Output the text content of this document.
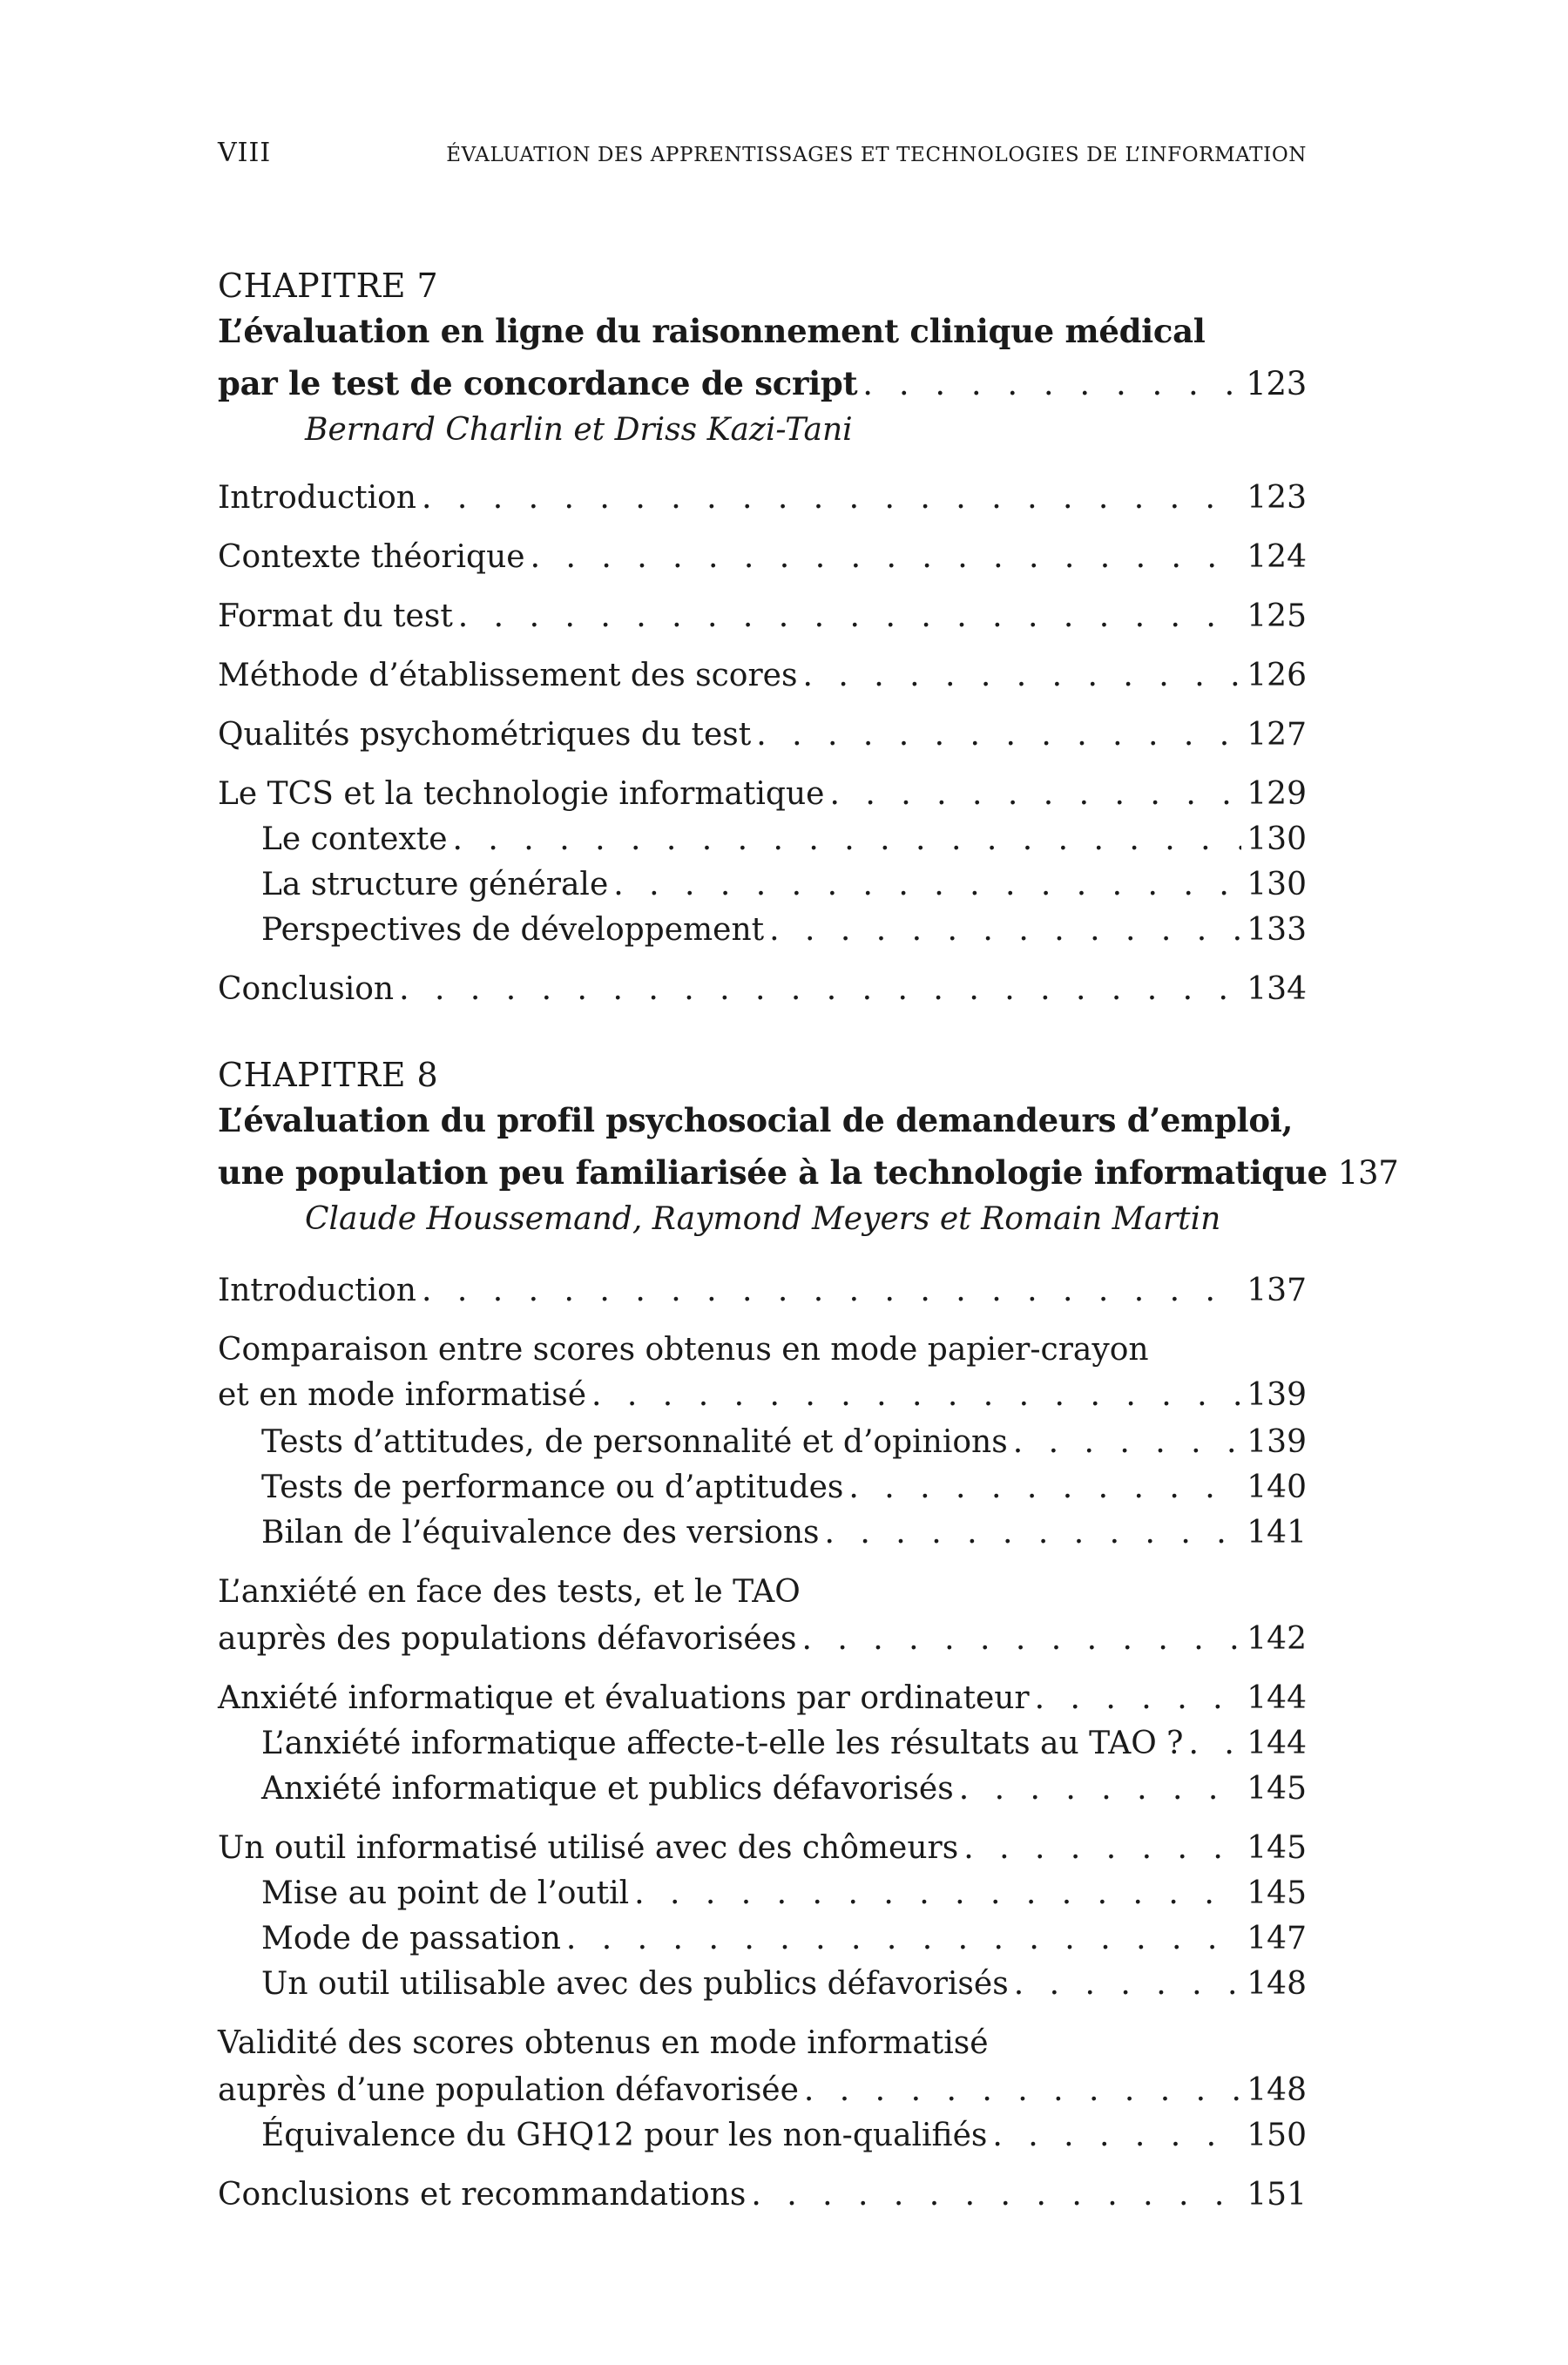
VIII	ÉVALUATION DES APPRENTISSAGES ET TECHNOLOGIES DE L’INFORMATION
CHAPITRE 7
L’évaluation en ligne du raisonnement clinique médical
par le test de concordance de script . . .	123
Bernard Charlin et Driss Kazi-Tani
Introduction . . .	123
Contexte théorique . . .	124
Format du test . . .	125
Méthode d’établissement des scores . . .	126
Qualités psychométriques du test . . .	127
Le TCS et la technologie informatique . . .	129
Le contexte . . .	130
La structure générale . . .	130
Perspectives de développement . . .	133
Conclusion . . .	134
CHAPITRE 8
L’évaluation du profil psychosocial de demandeurs d’emploi,
une population peu familiarisée à la technologie informatique 137
Claude Houssemand, Raymond Meyers et Romain Martin
Introduction . . .	137
Comparaison entre scores obtenus en mode papier-crayon
et en mode informatisé . . .	139
Tests d’attitudes, de personnalité et d’opinions . . .	139
Tests de performance ou d’aptitudes . . .	140
Bilan de l’équivalence des versions . . .	141
L’anxiété en face des tests, et le TAO
auprès des populations défavorisées . . .	142
Anxiété informatique et évaluations par ordinateur . . .	144
L’anxiété informatique affecte-t-elle les résultats au TAO ? . . . 144
Anxiété informatique et publics défavorisés . . .	145
Un outil informatisé utilisé avec des chômeurs . . .	145
Mise au point de l’outil . . .	145
Mode de passation . . .	147
Un outil utilisable avec des publics défavorisés . . .	148
Validité des scores obtenus en mode informatisé
auprès d’une population défavorisée . . .	148
Équivalence du GHQ12 pour les non-qualifiés . . .	150
Conclusions et recommandations . . .	151
